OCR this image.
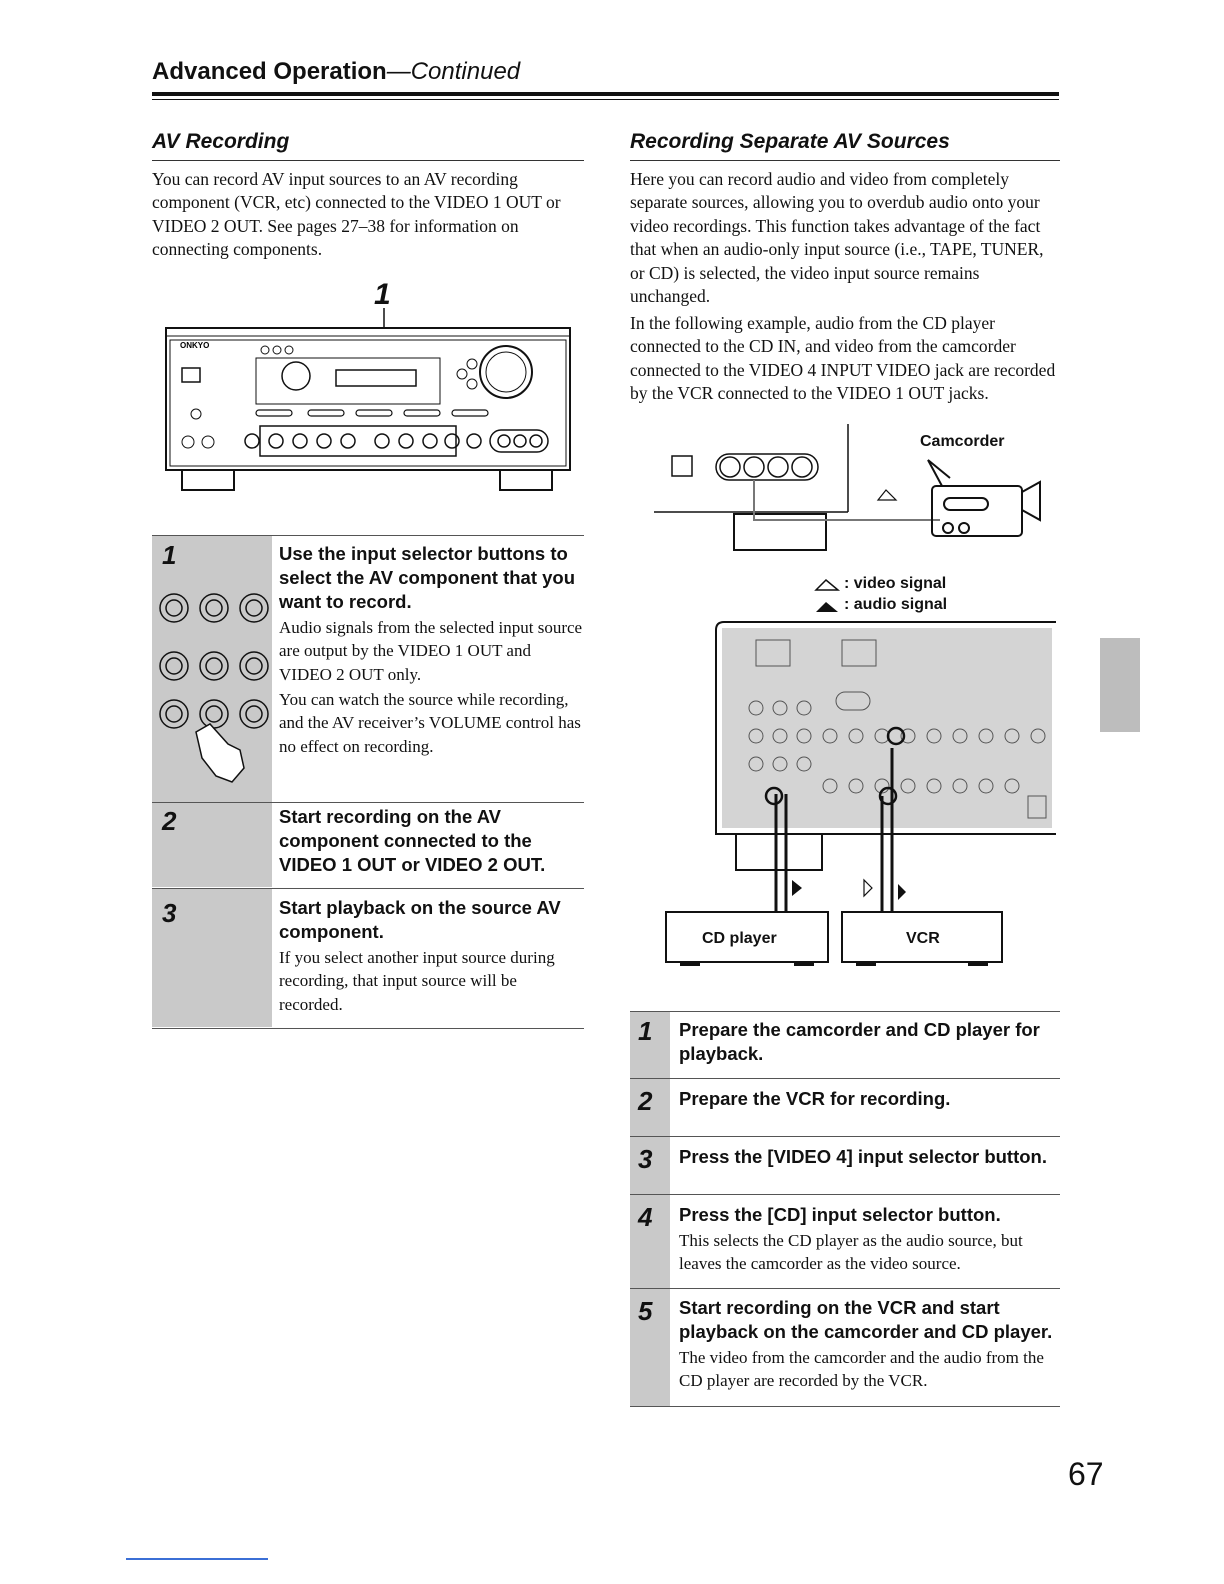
Advanced Operation—Continued
AV Recording
You can record AV input sources to an AV recording component (VCR, etc) connected to the VIDEO 1 OUT or VIDEO 2 OUT. See pages 27–38 for information on connecting components.
1
ONKYO
1	Use the input selector buttons to select the AV component that you want to record.
Audio signals from the selected input source are output by the VIDEO 1 OUT and VIDEO 2 OUT only.
You can watch the source while recording, and the AV receiver’s VOLUME control has no effect on recording.
2	Start recording on the AV component connected to the VIDEO 1 OUT or VIDEO 2 OUT.
3	Start playback on the source AV component.
If you select another input source during recording, that input source will be recorded.
Recording Separate AV Sources
Here you can record audio and video from completely separate sources, allowing you to overdub audio onto your video recordings. This function takes advantage of the fact that when an audio-only input source (i.e., TAPE, TUNER, or CD) is selected, the video input source remains unchanged.
In the following example, audio from the CD player connected to the CD IN, and video from the camcorder connected to the VIDEO 4 INPUT VIDEO jack are recorded by the VCR connected to the VIDEO 1 OUT jacks.
Camcorder
: video signal
: audio signal
CD player	VCR
1 Prepare the camcorder and CD player for playback.
2 Prepare the VCR for recording.
3 Press the [VIDEO 4] input selector button.
4 Press the [CD] input selector button.
This selects the CD player as the audio source, but leaves the camcorder as the video source.
5 Start recording on the VCR and start playback on the camcorder and CD player.
The video from the camcorder and the audio from the CD player are recorded by the VCR.
67
